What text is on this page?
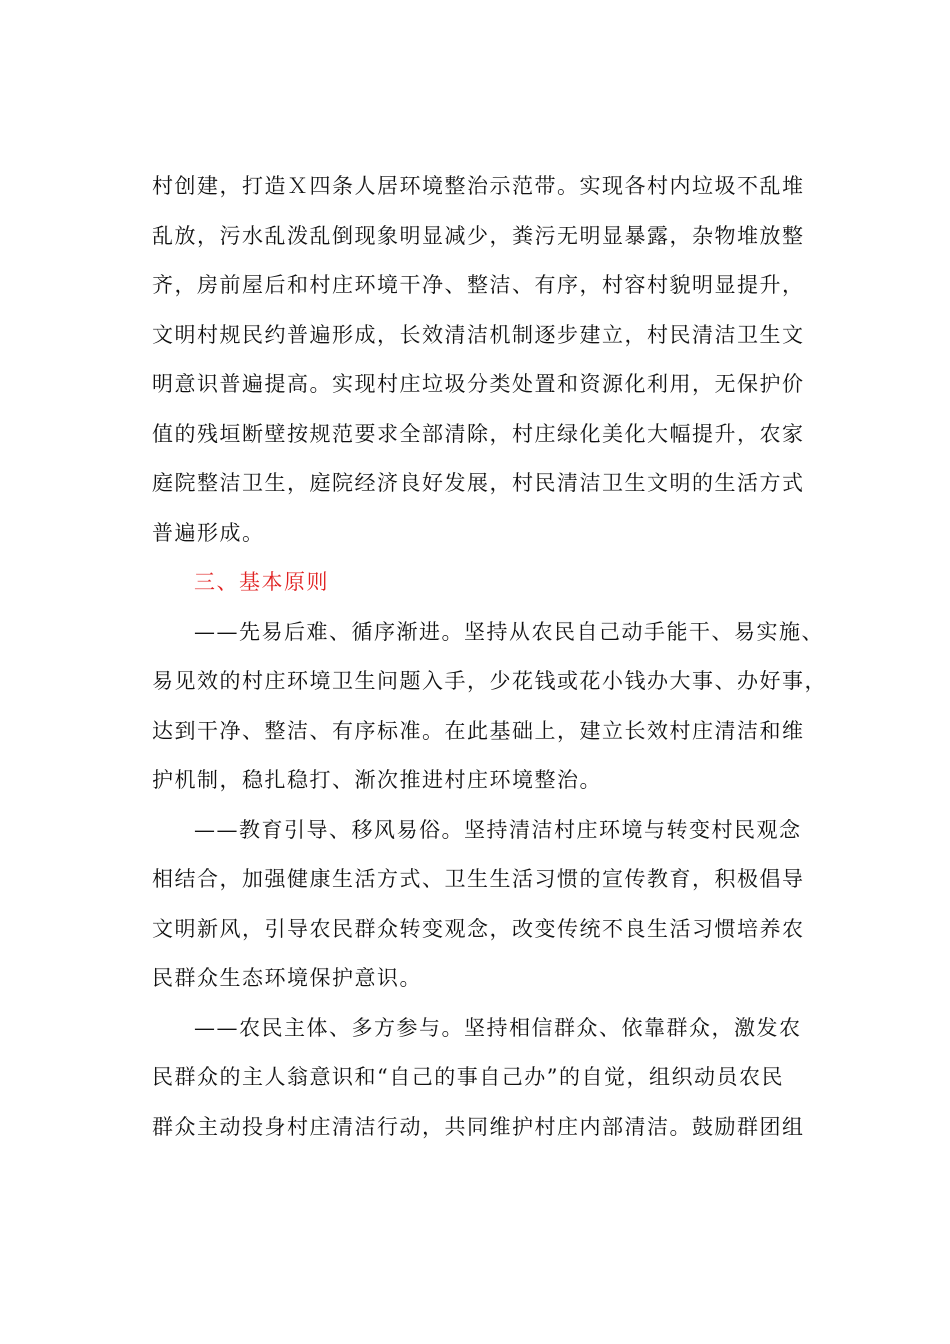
村创建，打造Ｘ四条人居环境整治示范带。实现各村内垃圾不乱堆
乱放，污水乱泼乱倒现象明显减少，粪污无明显暴露，杂物堆放整
齐，房前屋后和村庄环境干净、整洁、有序，村容村貌明显提升，
文明村规民约普遍形成，长效清洁机制逐步建立，村民清洁卫生文
明意识普遍提高。实现村庄垃圾分类处置和资源化利用，无保护价
值的残垣断壁按规范要求全部清除，村庄绿化美化大幅提升，农家
庭院整洁卫生，庭院经济良好发展，村民清洁卫生文明的生活方式
普遍形成。
三、基本原则
——先易后难、循序渐进。坚持从农民自己动手能干、易实施、
易见效的村庄环境卫生问题入手，少花钱或花小钱办大事、办好事，
达到干净、整洁、有序标准。在此基础上，建立长效村庄清洁和维
护机制，稳扎稳打、渐次推进村庄环境整治。
——教育引导、移风易俗。坚持清洁村庄环境与转变村民观念
相结合，加强健康生活方式、卫生生活习惯的宣传教育，积极倡导
文明新风，引导农民群众转变观念，改变传统不良生活习惯培养农
民群众生态环境保护意识。
——农民主体、多方参与。坚持相信群众、依靠群众，激发农
民群众的主人翁意识和“自己的事自己办”的自觉，组织动员农民
群众主动投身村庄清洁行动，共同维护村庄内部清洁。鼓励群团组
